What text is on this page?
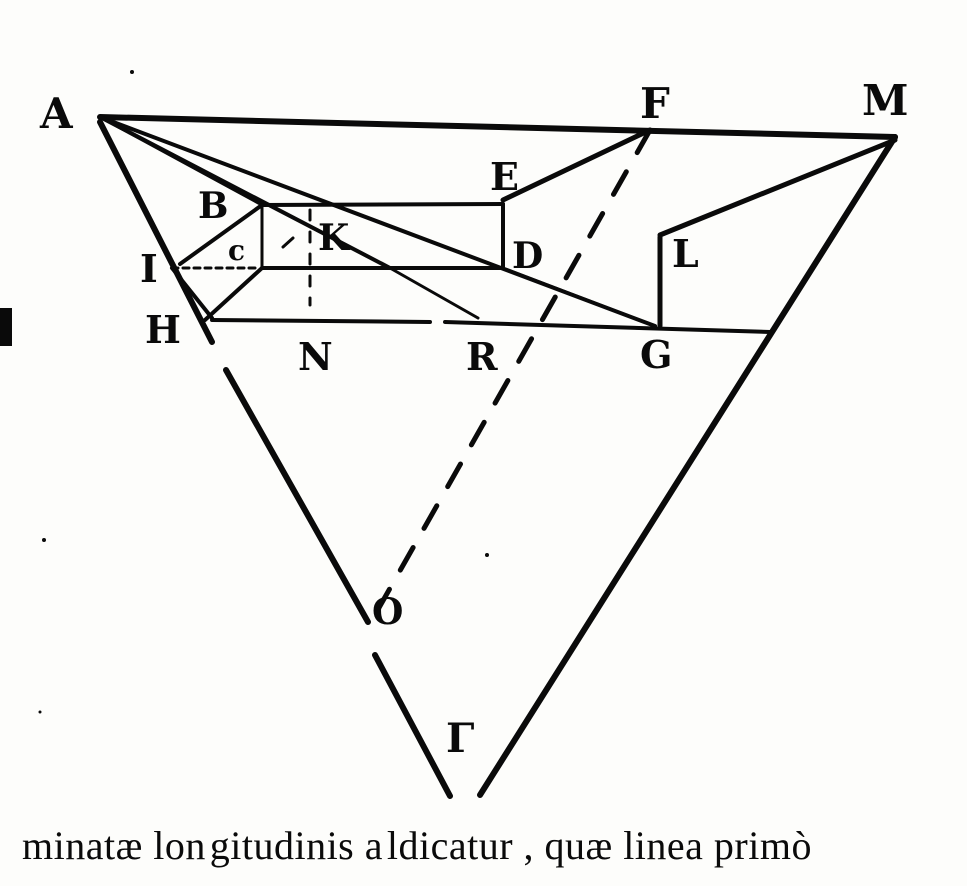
A	F	M
E
B
K
c	D	L
I
H
N	R	G
O
Γ
minatæ lon gitudinis a ldicatur , quæ linea primò
